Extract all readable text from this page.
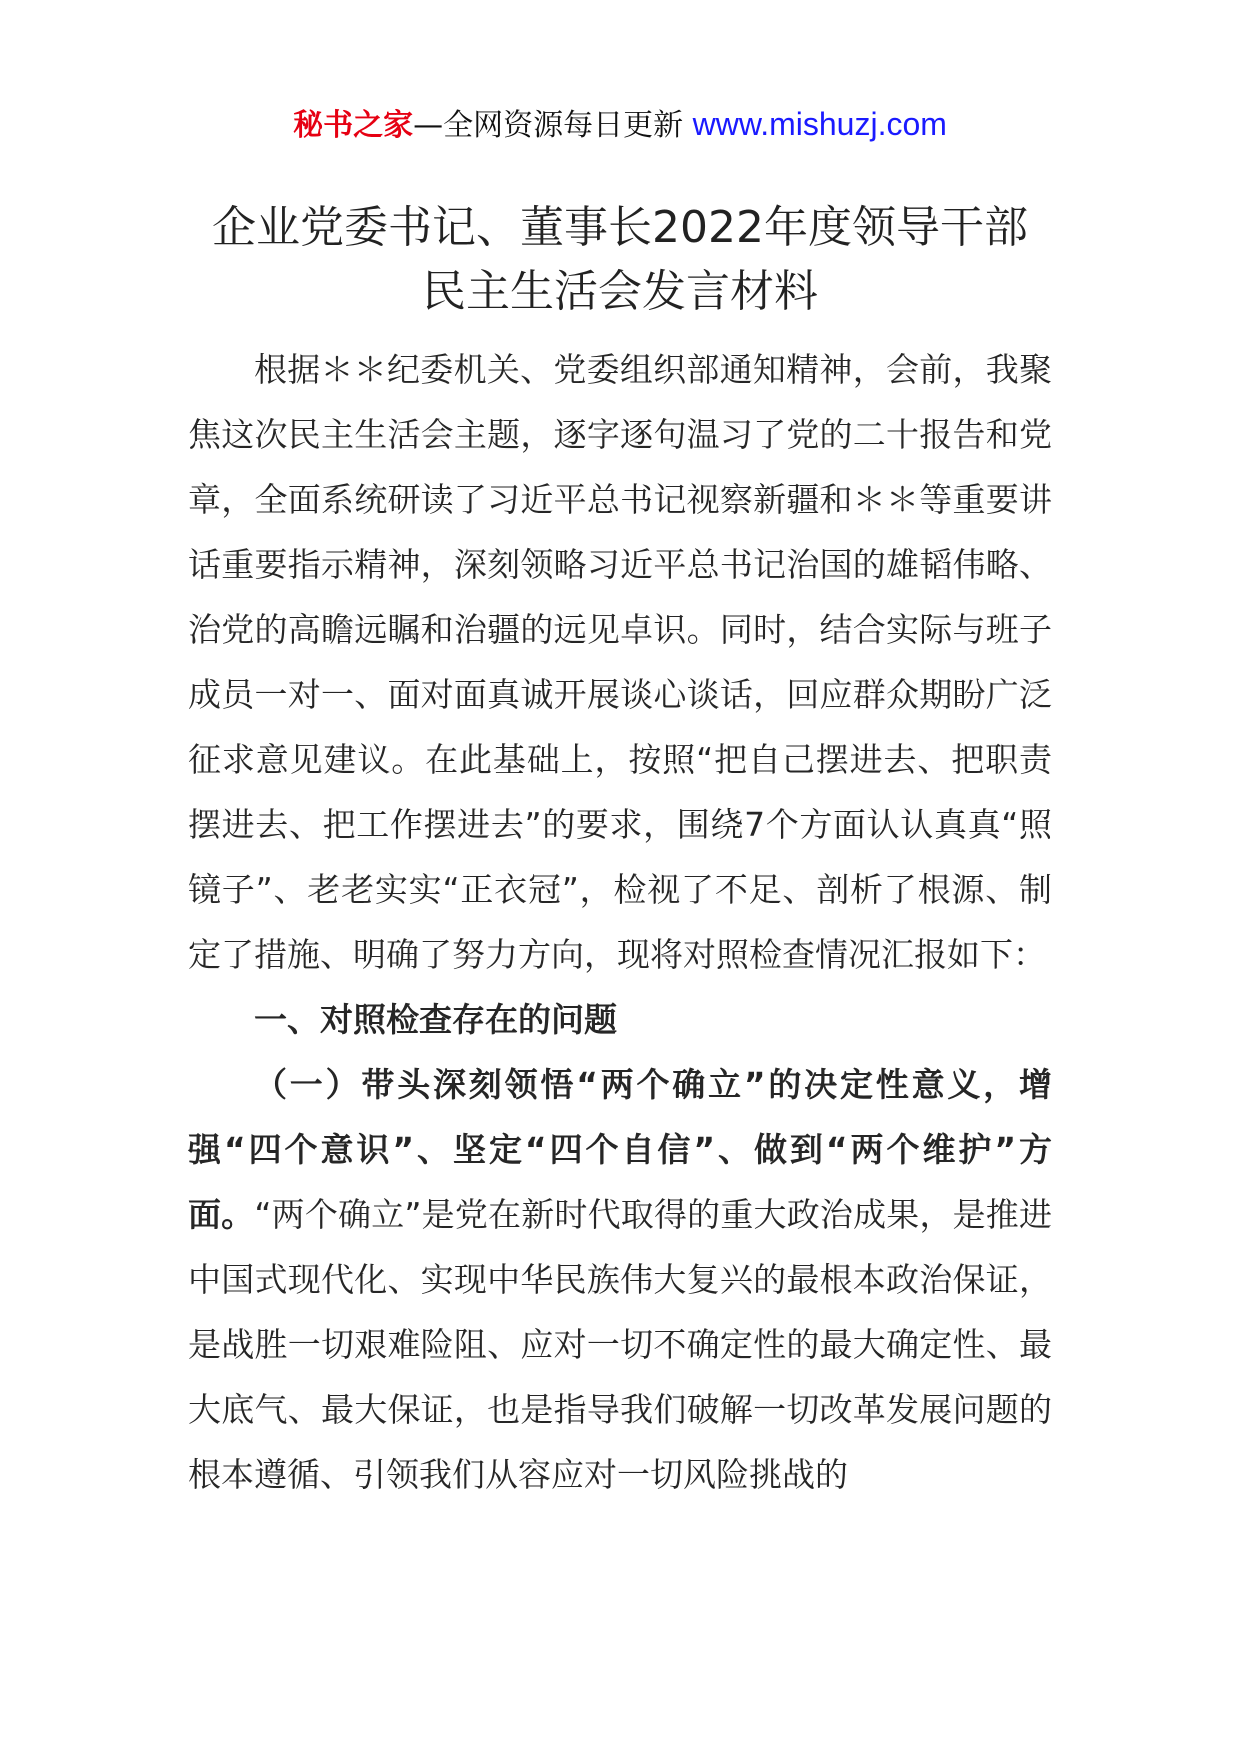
秘书之家—全网资源每日更新 www.mishuzj.com
企业党委书记、董事长2022年度领导干部
民主生活会发言材料

根据＊＊纪委机关、党委组织部通知精神，会前，我聚焦这次民主生活会主题，逐字逐句温习了党的二十报告和党章，全面系统研读了习近平总书记视察新疆和＊＊等重要讲话重要指示精神，深刻领略习近平总书记治国的雄韬伟略、治党的高瞻远瞩和治疆的远见卓识。同时，结合实际与班子成员一对一、面对面真诚开展谈心谈话，回应群众期盼广泛征求意见建议。在此基础上，按照“把自己摆进去、把职责摆进去、把工作摆进去”的要求，围绕7个方面认认真真“照镜子”、老老实实“正衣冠”，检视了不足、剖析了根源、制定了措施、明确了努力方向，现将对照检查情况汇报如下：

一、对照检查存在的问题

（一）带头深刻领悟“两个确立”的决定性意义，增强“四个意识”、坚定“四个自信”、做到“两个维护”方面。“两个确立”是党在新时代取得的重大政治成果，是推进中国式现代化、实现中华民族伟大复兴的最根本政治保证，是战胜一切艰难险阻、应对一切不确定性的最大确定性、最大底气、最大保证，也是指导我们破解一切改革发展问题的根本遵循、引领我们从容应对一切风险挑战的
